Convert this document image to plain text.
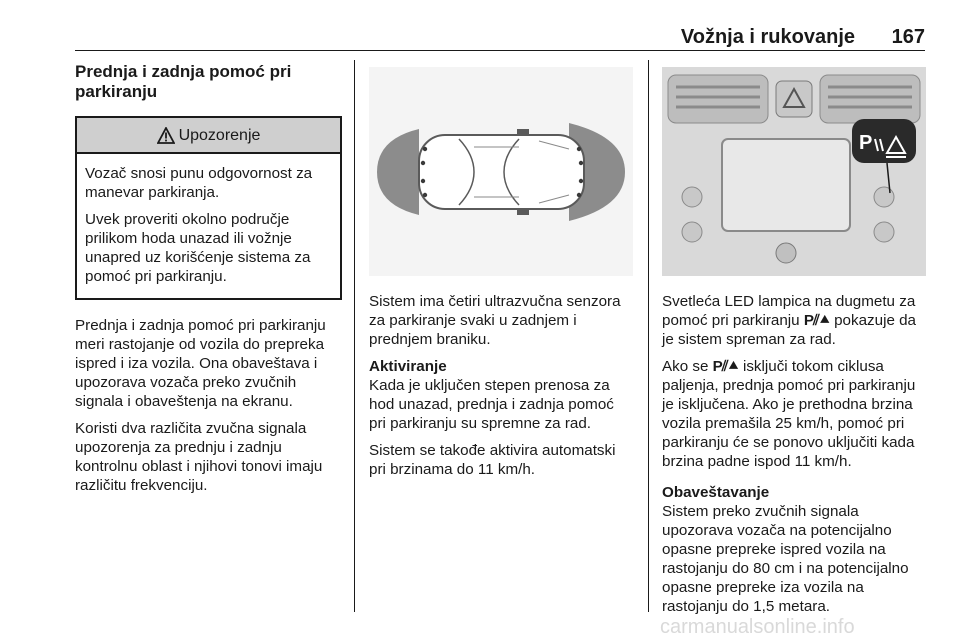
Vožnja i rukovanje 167
Prednja i zadnja pomoć pri parkiranju
Upozorenje

Vozač snosi punu odgovornost za manevar parkiranja.

Uvek proveriti okolno područje prilikom hoda unazad ili vožnje unapred uz korišćenje sistema za pomoć pri parkiranju.

Prednja i zadnja pomoć pri parkiranju meri rastojanje od vozila do prepreka ispred i iza vozila. Ona obaveštava i upozorava vozača preko zvučnih signala i obaveštenja na ekranu.

Koristi dva različita zvučna signala upozorenja za prednju i zadnju kontrolnu oblast i njihovi tonovi imaju različitu frekvenciju.

P

Sistem ima četiri ultrazvučna senzora za parkiranje svaki u zadnjem i prednjem braniku.

Aktiviranje

Kada je uključen stepen prenosa za hod unazad, prednja i zadnja pomoć pri parkiranju su spremne za rad.

Sistem se takođe aktivira automatski pri brzinama do 11 km/h.

Svetleća LED lampica na dugmetu za pomoć pri parkiranju P⫽⯅ pokazuje da je sistem spreman za rad.

Ako se P⫽⯅ isključi tokom ciklusa paljenja, prednja pomoć pri parkiranju je isključena. Ako je prethodna brzina vozila premašila 25 km/h, pomoć pri parkiranju će se ponovo uključiti kada brzina padne ispod 11 km/h.

Obaveštavanje

Sistem preko zvučnih signala upozorava vozača na potencijalno opasne prepreke ispred vozila na rastojanju do 80 cm i na potencijalno opasne prepreke iza vozila na rastojanju do 1,5 metara.

carmanualsonline.info
